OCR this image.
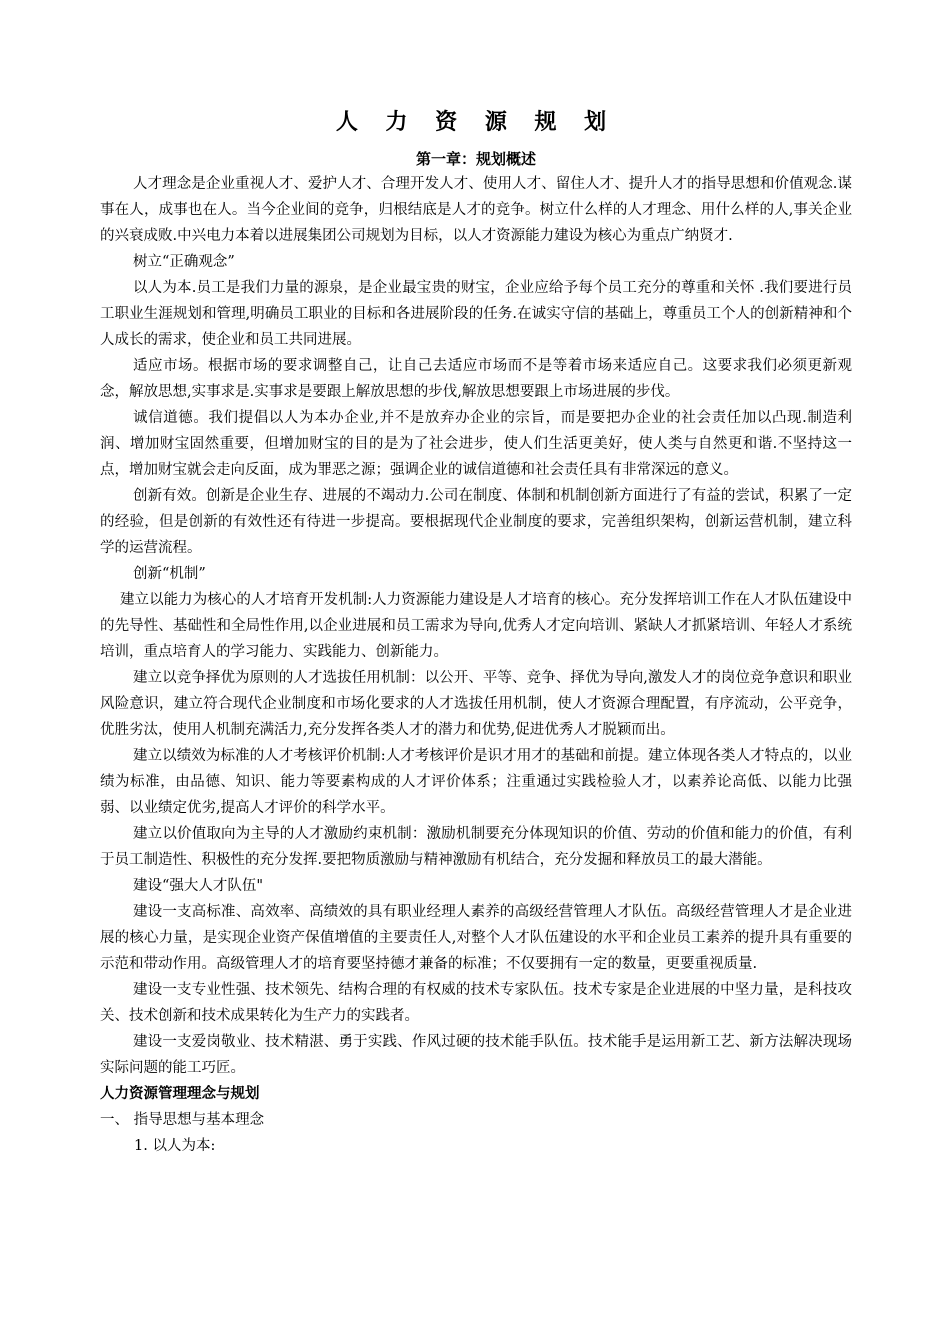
人 力 资 源 规 划
第一章：规划概述

人才理念是企业重视人才、爱护人才、合理开发人才、使用人才、留住人才、提升人才的指导思想和价值观念.谋事在人，成事也在人。当今企业间的竞争，归根结底是人才的竞争。树立什么样的人才理念、用什么样的人,事关企业的兴衰成败.中兴电力本着以进展集团公司规划为目标，以人才资源能力建设为核心为重点广纳贤才.

树立“正确观念”

以人为本.员工是我们力量的源泉，是企业最宝贵的财宝，企业应给予每个员工充分的尊重和关怀 .我们要进行员工职业生涯规划和管理,明确员工职业的目标和各进展阶段的任务.在诚实守信的基础上，尊重员工个人的创新精神和个人成长的需求，使企业和员工共同进展。

适应市场。根据市场的要求调整自己，让自己去适应市场而不是等着市场来适应自己。这要求我们必须更新观念，解放思想,实事求是.实事求是要跟上解放思想的步伐,解放思想要跟上市场进展的步伐。

诚信道德。我们提倡以人为本办企业,并不是放弃办企业的宗旨，而是要把办企业的社会责任加以凸现.制造利润、增加财宝固然重要，但增加财宝的目的是为了社会进步，使人们生活更美好，使人类与自然更和谐.不坚持这一点，增加财宝就会走向反面，成为罪恶之源；强调企业的诚信道德和社会责任具有非常深远的意义。

创新有效。创新是企业生存、进展的不竭动力.公司在制度、体制和机制创新方面进行了有益的尝试，积累了一定的经验，但是创新的有效性还有待进一步提高。要根据现代企业制度的要求，完善组织架构，创新运营机制，建立科学的运营流程。

创新“机制”

建立以能力为核心的人才培育开发机制:人力资源能力建设是人才培育的核心。充分发挥培训工作在人才队伍建设中的先导性、基础性和全局性作用,以企业进展和员工需求为导向,优秀人才定向培训、紧缺人才抓紧培训、年轻人才系统培训，重点培育人的学习能力、实践能力、创新能力。

建立以竞争择优为原则的人才选拔任用机制：以公开、平等、竞争、择优为导向,激发人才的岗位竞争意识和职业风险意识，建立符合现代企业制度和市场化要求的人才选拔任用机制，使人才资源合理配置，有序流动，公平竞争，优胜劣汰，使用人机制充满活力,充分发挥各类人才的潜力和优势,促进优秀人才脱颖而出。

建立以绩效为标准的人才考核评价机制:人才考核评价是识才用才的基础和前提。建立体现各类人才特点的，以业绩为标准，由品德、知识、能力等要素构成的人才评价体系；注重通过实践检验人才，以素养论高低、以能力比强弱、以业绩定优劣,提高人才评价的科学水平。

建立以价值取向为主导的人才激励约束机制：激励机制要充分体现知识的价值、劳动的价值和能力的价值，有利于员工制造性、积极性的充分发挥.要把物质激励与精神激励有机结合，充分发掘和释放员工的最大潜能。

建设“强大人才队伍"

建设一支高标准、高效率、高绩效的具有职业经理人素养的高级经营管理人才队伍。高级经营管理人才是企业进展的核心力量，是实现企业资产保值增值的主要责任人,对整个人才队伍建设的水平和企业员工素养的提升具有重要的示范和带动作用。高级管理人才的培育要坚持德才兼备的标准；不仅要拥有一定的数量，更要重视质量.

建设一支专业性强、技术领先、结构合理的有权威的技术专家队伍。技术专家是企业进展的中坚力量，是科技攻关、技术创新和技术成果转化为生产力的实践者。

建设一支爱岗敬业、技术精湛、勇于实践、作风过硬的技术能手队伍。技术能手是运用新工艺、新方法解决现场实际问题的能工巧匠。

人力资源管理理念与规划

一、 指导思想与基本理念

1. 以人为本:
